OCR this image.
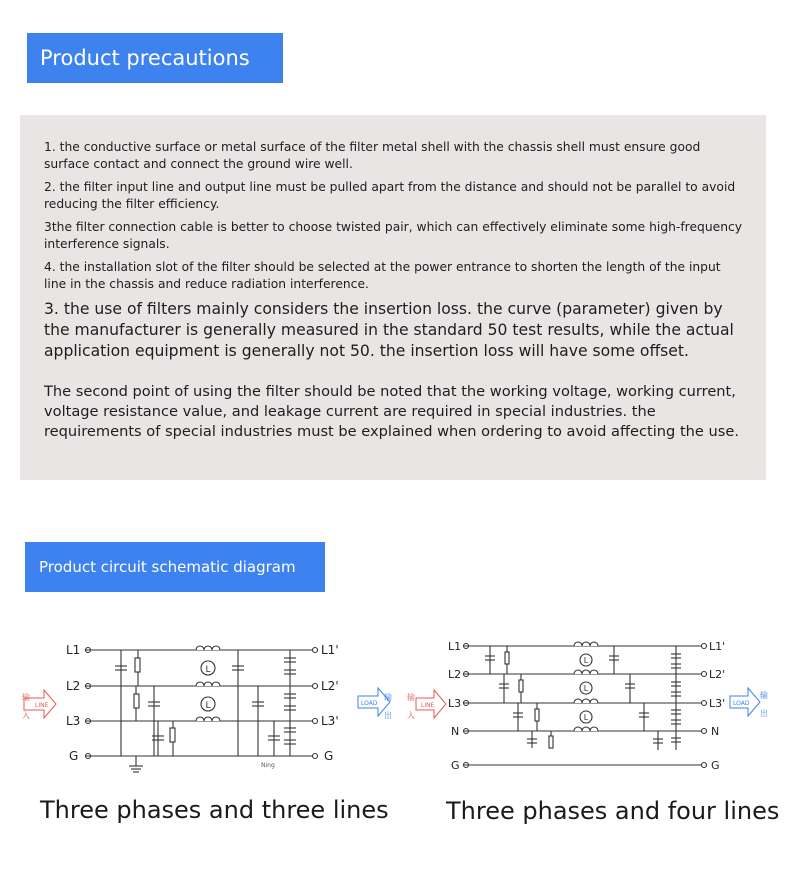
Product precautions

1. the conductive surface or metal surface of the filter metal shell with the chassis shell must ensure good surface contact and connect the ground wire well.

2. the filter input line and output line must be pulled apart from the distance and should not be parallel to avoid reducing the filter efficiency.

3the filter connection cable is better to choose twisted pair, which can effectively eliminate some high-frequency interference signals.

4. the installation slot of the filter should be selected at the power entrance to shorten the length of the input line in the chassis and reduce radiation interference.

3. the use of filters mainly considers the insertion loss. the curve (parameter) given by the manufacturer is generally measured in the standard 50 test results, while the actual application equipment is generally not 50. the insertion loss will have some offset.

The second point of using the filter should be noted that the working voltage, working current, voltage resistance value, and leakage current are required in special industries. the requirements of special industries must be explained when ordering to avoid affecting the use.

Product circuit schematic diagram
L
L
L1
L2
L3
G
L1'
L2'
L3'
G
Ning
LINE
输
入
LOAD
输
出
L
L
L
L1
L2
L3
N
G
L1'
L2'
L3'
N
G
LINE
输
入
LOAD
输
出
Three phases and three lines Three phases and four lines
